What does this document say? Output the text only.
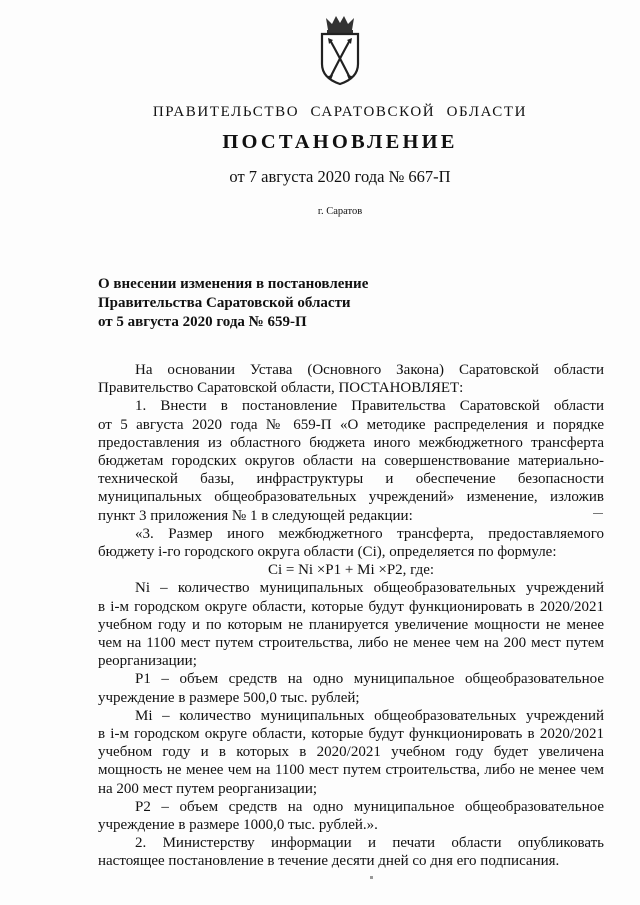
ПРАВИТЕЛЬСТВО САРАТОВСКОЙ ОБЛАСТИ
ПОСТАНОВЛЕНИЕ
от 7 августа 2020 года № 667-П
г. Саратов
О внесении изменения в постановление
Правительства Саратовской области
от 5 августа 2020 года № 659-П
На основании Устава (Основного Закона) Саратовской области
Правительство Саратовской области, ПОСТАНОВЛЯЕТ:
1. Внести в постановление Правительства Саратовской области
от 5 августа 2020 года № 659-П «О методике распределения и порядке
предоставления из областного бюджета иного межбюджетного трансферта
бюджетам городских округов области на совершенствование материально-
технической базы, инфраструктуры и обеспечение безопасности
муниципальных общеобразовательных учреждений» изменение, изложив
пункт 3 приложения № 1 в следующей редакции:
«3. Размер иного межбюджетного трансферта, предоставляемого
бюджету i-го городского округа области (Ci), определяется по формуле:
Ci = Ni ×P1 + Mi ×P2, где:
Ni – количество муниципальных общеобразовательных учреждений
в i-м городском округе области, которые будут функционировать в 2020/2021
учебном году и по которым не планируется увеличение мощности не менее
чем на 1100 мест путем строительства, либо не менее чем на 200 мест путем
реорганизации;
P1 – объем средств на одно муниципальное общеобразовательное
учреждение в размере 500,0 тыс. рублей;
Mi – количество муниципальных общеобразовательных учреждений
в i-м городском округе области, которые будут функционировать в 2020/2021
учебном году и в которых в 2020/2021 учебном году будет увеличена
мощность не менее чем на 1100 мест путем строительства, либо не менее чем
на 200 мест путем реорганизации;
P2 – объем средств на одно муниципальное общеобразовательное
учреждение в размере 1000,0 тыс. рублей.».
2. Министерству информации и печати области опубликовать
настоящее постановление в течение десяти дней со дня его подписания.
